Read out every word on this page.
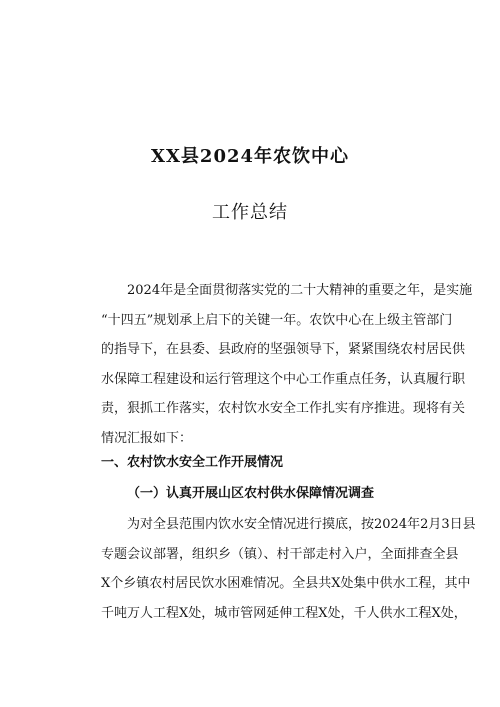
XX县2024年农饮中心
工作总结
2024年是全面贯彻落实党的二十大精神的重要之年，是实施
“十四五”规划承上启下的关键一年。农饮中心在上级主管部门
的指导下，在县委、县政府的坚强领导下，紧紧围绕农村居民供
水保障工程建设和运行管理这个中心工作重点任务，认真履行职
责，狠抓工作落实，农村饮水安全工作扎实有序推进。现将有关
情况汇报如下：
一、农村饮水安全工作开展情况
（一）认真开展山区农村供水保障情况调查
为对全县范围内饮水安全情况进行摸底，按2024年2月3日县
专题会议部署，组织乡（镇）、村干部走村入户，全面排查全县
X个乡镇农村居民饮水困难情况。全县共X处集中供水工程，其中
千吨万人工程X处，城市管网延伸工程X处，千人供水工程X处，
